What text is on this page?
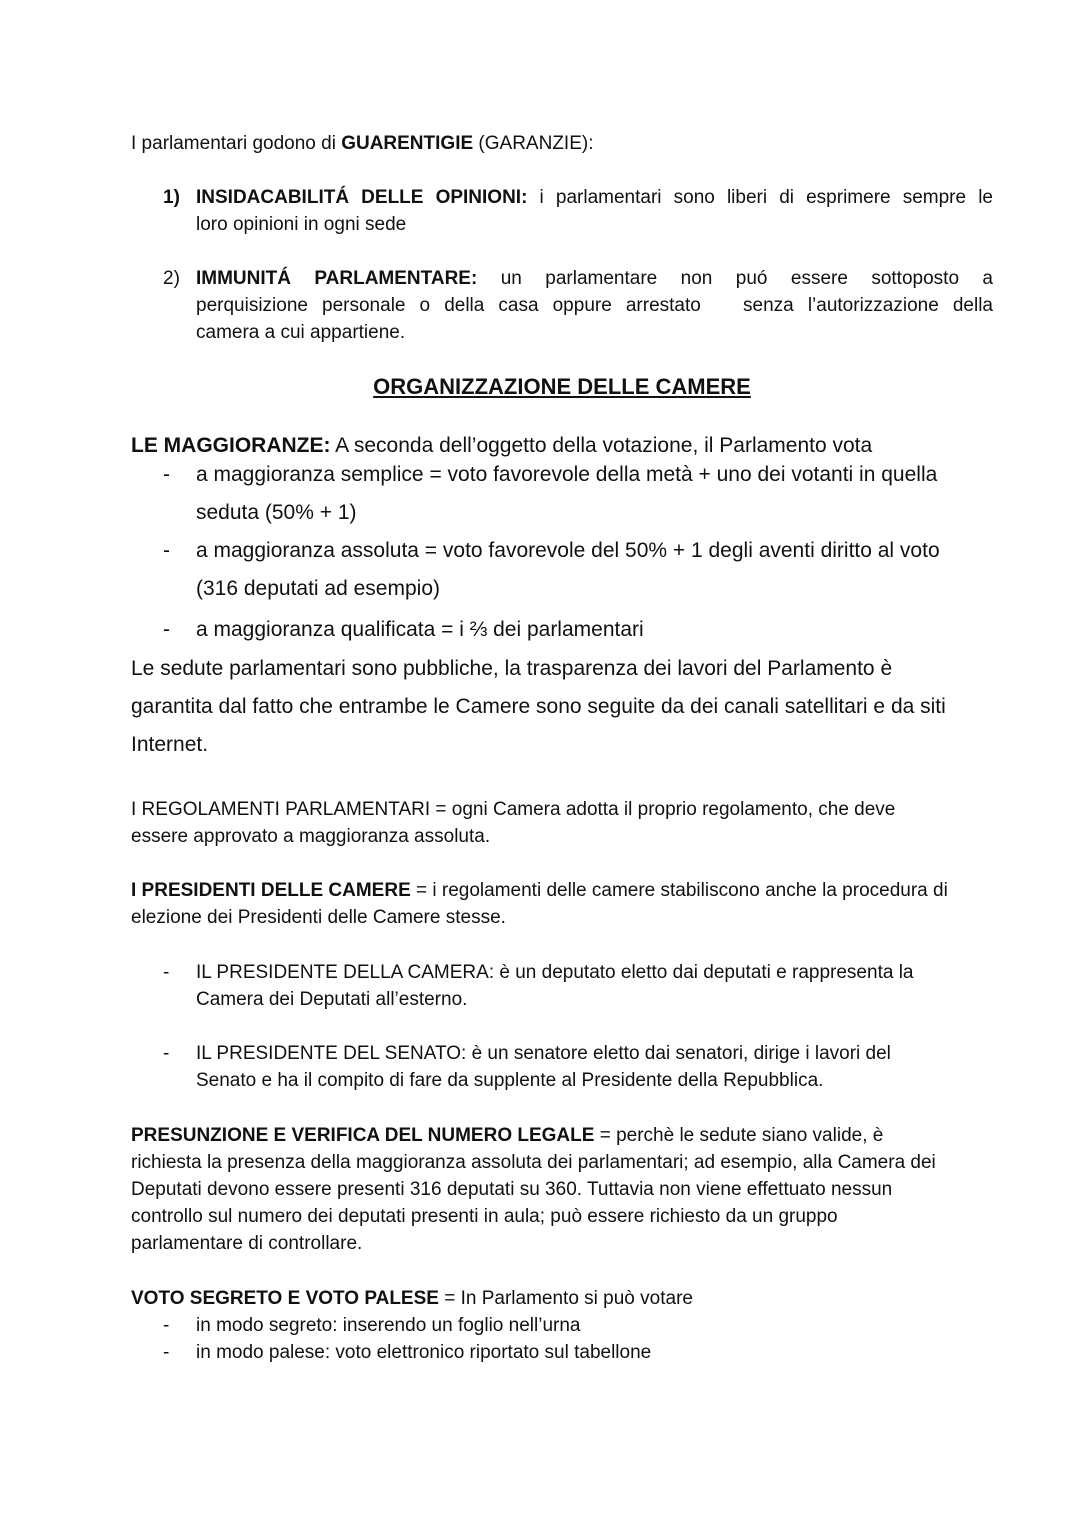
I parlamentari godono di GUARENTIGIE (GARANZIE):

1) INSIDACABILITÁ DELLE OPINIONI: i parlamentari sono liberi di esprimere sempre le
loro opinioni in ogni sede
2) IMMUNITÁ PARLAMENTARE: un parlamentare non puó essere sottoposto a
perquisizione personale o della casa oppure arrestato   senza l’autorizzazione della
camera a cui appartiene.
ORGANIZZAZIONE DELLE CAMERE

LE MAGGIORANZE: A seconda dell’oggetto della votazione, il Parlamento vota

- a maggioranza semplice = voto favorevole della metà + uno dei votanti in quella
seduta (50% + 1)
- a maggioranza assoluta = voto favorevole del 50% + 1 degli aventi diritto al voto
(316 deputati ad esempio)
- a maggioranza qualificata = i ⅔ dei parlamentari
Le sedute parlamentari sono pubbliche, la trasparenza dei lavori del Parlamento è
garantita dal fatto che entrambe le Camere sono seguite da dei canali satellitari e da siti
Internet.
I REGOLAMENTI PARLAMENTARI = ogni Camera adotta il proprio regolamento, che deve
essere approvato a maggioranza assoluta.
I PRESIDENTI DELLE CAMERE = i regolamenti delle camere stabiliscono anche la procedura di
elezione dei Presidenti delle Camere stesse.
- IL PRESIDENTE DELLA CAMERA: è un deputato eletto dai deputati e rappresenta la
Camera dei Deputati all’esterno.
- IL PRESIDENTE DEL SENATO: è un senatore eletto dai senatori, dirige i lavori del
Senato e ha il compito di fare da supplente al Presidente della Repubblica.
PRESUNZIONE E VERIFICA DEL NUMERO LEGALE = perchè le sedute siano valide, è
richiesta la presenza della maggioranza assoluta dei parlamentari; ad esempio, alla Camera dei
Deputati devono essere presenti 316 deputati su 360. Tuttavia non viene effettuato nessun
controllo sul numero dei deputati presenti in aula; può essere richiesto da un gruppo
parlamentare di controllare.
VOTO SEGRETO E VOTO PALESE = In Parlamento si può votare
- in modo segreto: inserendo un foglio nell’urna
- in modo palese: voto elettronico riportato sul tabellone
